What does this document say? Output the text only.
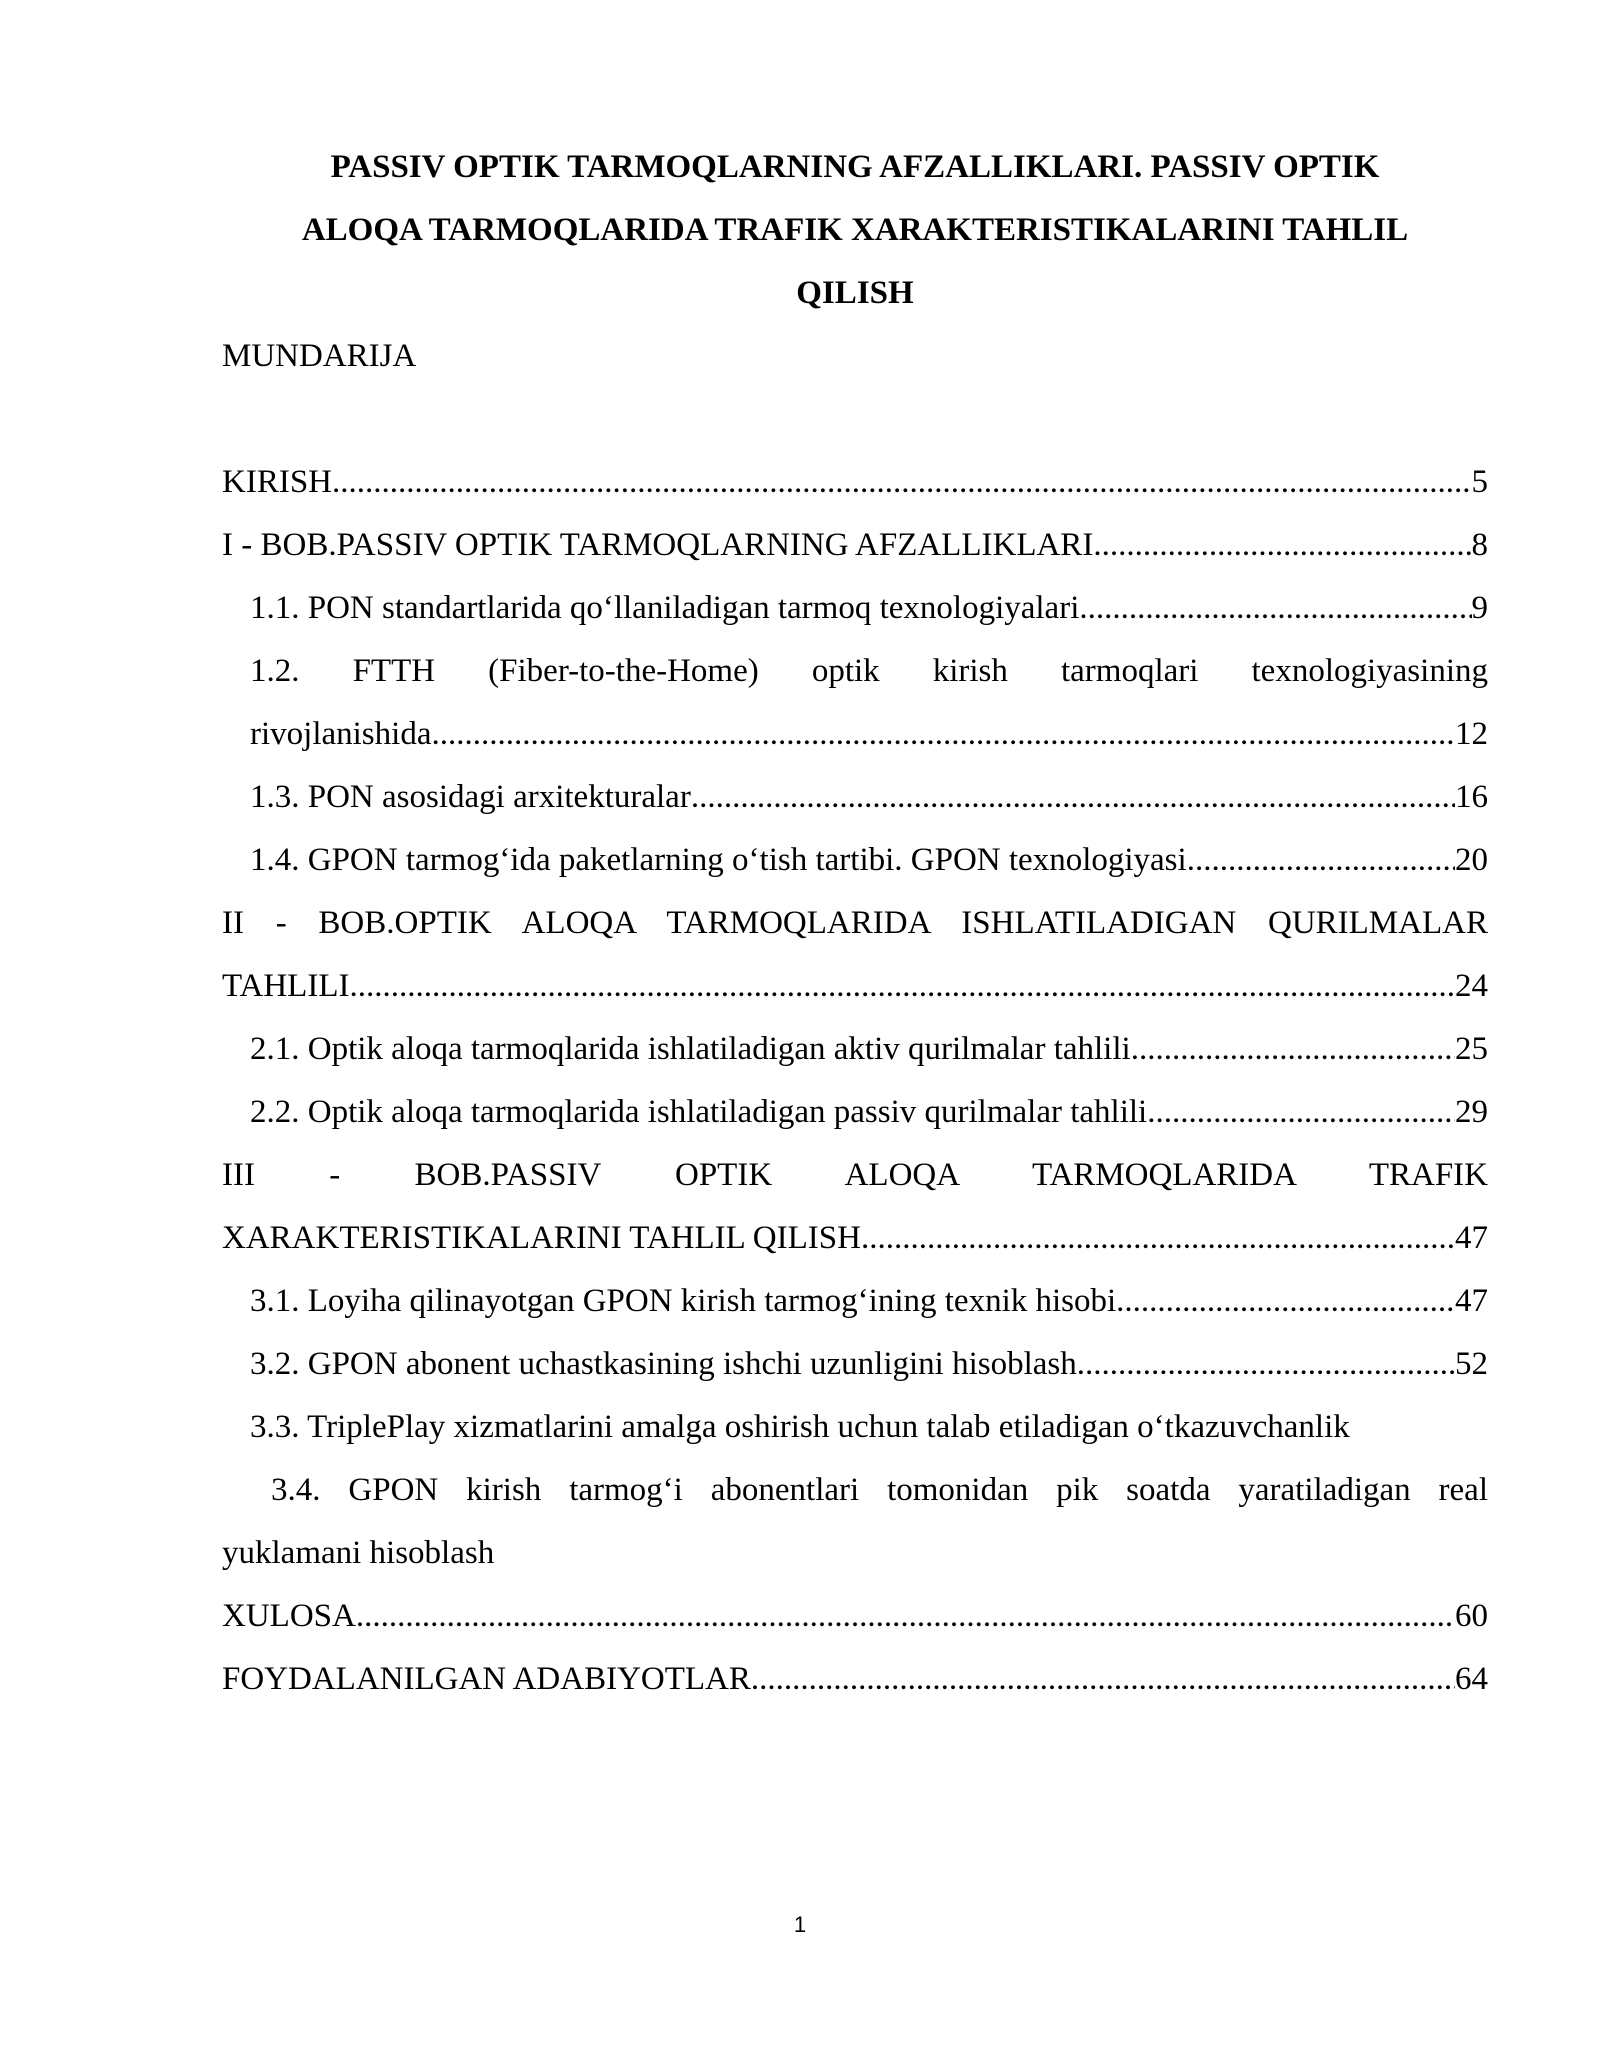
PASSIV OPTIK TARMOQLARNING AFZALLIKLARI. PASSIV OPTIK

ALOQA TARMOQLARIDA TRAFIK XARAKTERISTIKALARINI TAHLIL

QILISH

MUNDARIJA

KIRISH .....	5
I - BOB.PASSIV OPTIK TARMOQLARNING AFZALLIKLARI .....	8
1.1. PON standartlarida qo‘llaniladigan tarmoq texnologiyalari .....	9
1.2. FTTH (Fiber-to-the-Home) optik kirish tarmoqlari texnologiyasining
rivojlanishida .....	12
1.3. PON asosidagi arxitekturalar .....	16
1.4. GPON tarmog‘ida paketlarning o‘tish tartibi. GPON texnologiyasi .....	20
II - BOB.OPTIK ALOQA TARMOQLARIDA ISHLATILADIGAN QURILMALAR
TAHLILI .....	24
2.1. Optik aloqa tarmoqlarida ishlatiladigan aktiv qurilmalar tahlili .....	25
2.2. Optik aloqa tarmoqlarida ishlatiladigan passiv qurilmalar tahlili .....	29
III - BOB.PASSIV OPTIK ALOQA TARMOQLARIDA TRAFIK
XARAKTERISTIKALARINI TAHLIL QILISH .....	47
3.1. Loyiha qilinayotgan GPON kirish tarmog‘ining texnik hisobi .....	47
3.2. GPON abonent uchastkasining ishchi uzunligini hisoblash .....	52
3.3. TriplePlay xizmatlarini amalga oshirish uchun talab etiladigan o‘tkazuvchanlik
3.4. GPON kirish tarmog‘i abonentlari tomonidan pik soatda yaratiladigan real
yuklamani hisoblash
XULOSA .....	60
FOYDALANILGAN ADABIYOTLAR .....	64
1
